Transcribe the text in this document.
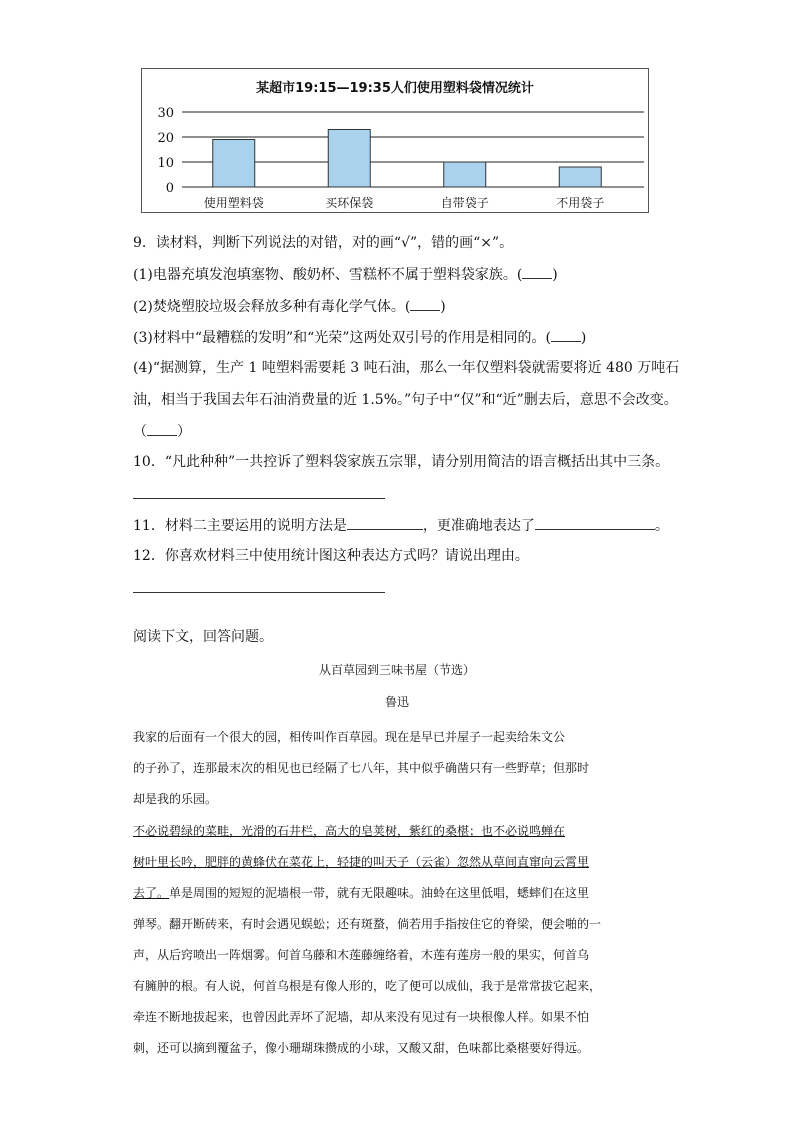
某超市19:15—19:35人们使用塑料袋情况统计
0
10
20
30
使用塑料袋	买环保袋	自带袋子	不用袋子
9．读材料，判断下列说法的对错，对的画“√”，错的画“×”。
(1)电器充填发泡填塞物、酸奶杯、雪糕杯不属于塑料袋家族。( )
(2)焚烧塑胶垃圾会释放多种有毒化学气体。( )
(3)材料中“最糟糕的发明”和“光荣”这两处双引号的作用是相同的。( )
(4)“据测算，生产 1 吨塑料需要耗 3 吨石油，那么一年仅塑料袋就需要将近 480 万吨石
油，相当于我国去年石油消费量的近 1.5%。”句子中“仅”和“近”删去后，意思不会改变。
（ ）
10．“凡此种种”一共控诉了塑料袋家族五宗罪，请分别用简洁的语言概括出其中三条。
11．材料二主要运用的说明方法是	，更准确地表达了	。
12．你喜欢材料三中使用统计图这种表达方式吗？请说出理由。
阅读下文，回答问题。
从百草园到三味书屋（节选）
鲁迅
我家的后面有一个很大的园，相传叫作百草园。现在是早已并屋子一起卖给朱文公
的子孙了，连那最末次的相见也已经隔了七八年，其中似乎确凿只有一些野草；但那时
却是我的乐园。
不必说碧绿的菜畦，光滑的石井栏，高大的皂荚树，紫红的桑椹；也不必说鸣蝉在
树叶里长吟，肥胖的黄蜂伏在菜花上，轻捷的叫天子（云雀）忽然从草间直窜向云霄里
去了。单是周围的短短的泥墙根一带，就有无限趣味。油蛉在这里低唱，蟋蟀们在这里
弹琴。翻开断砖来，有时会遇见蜈蚣；还有斑蝥，倘若用手指按住它的脊梁，便会啪的一
声，从后窍喷出一阵烟雾。何首乌藤和木莲藤缠络着，木莲有莲房一般的果实，何首乌
有臃肿的根。有人说，何首乌根是有像人形的，吃了便可以成仙，我于是常常拔它起来，
牵连不断地拔起来，也曾因此弄坏了泥墙，却从来没有见过有一块根像人样。如果不怕
刺，还可以摘到覆盆子，像小珊瑚珠攒成的小球，又酸又甜，色味都比桑椹要好得远。
